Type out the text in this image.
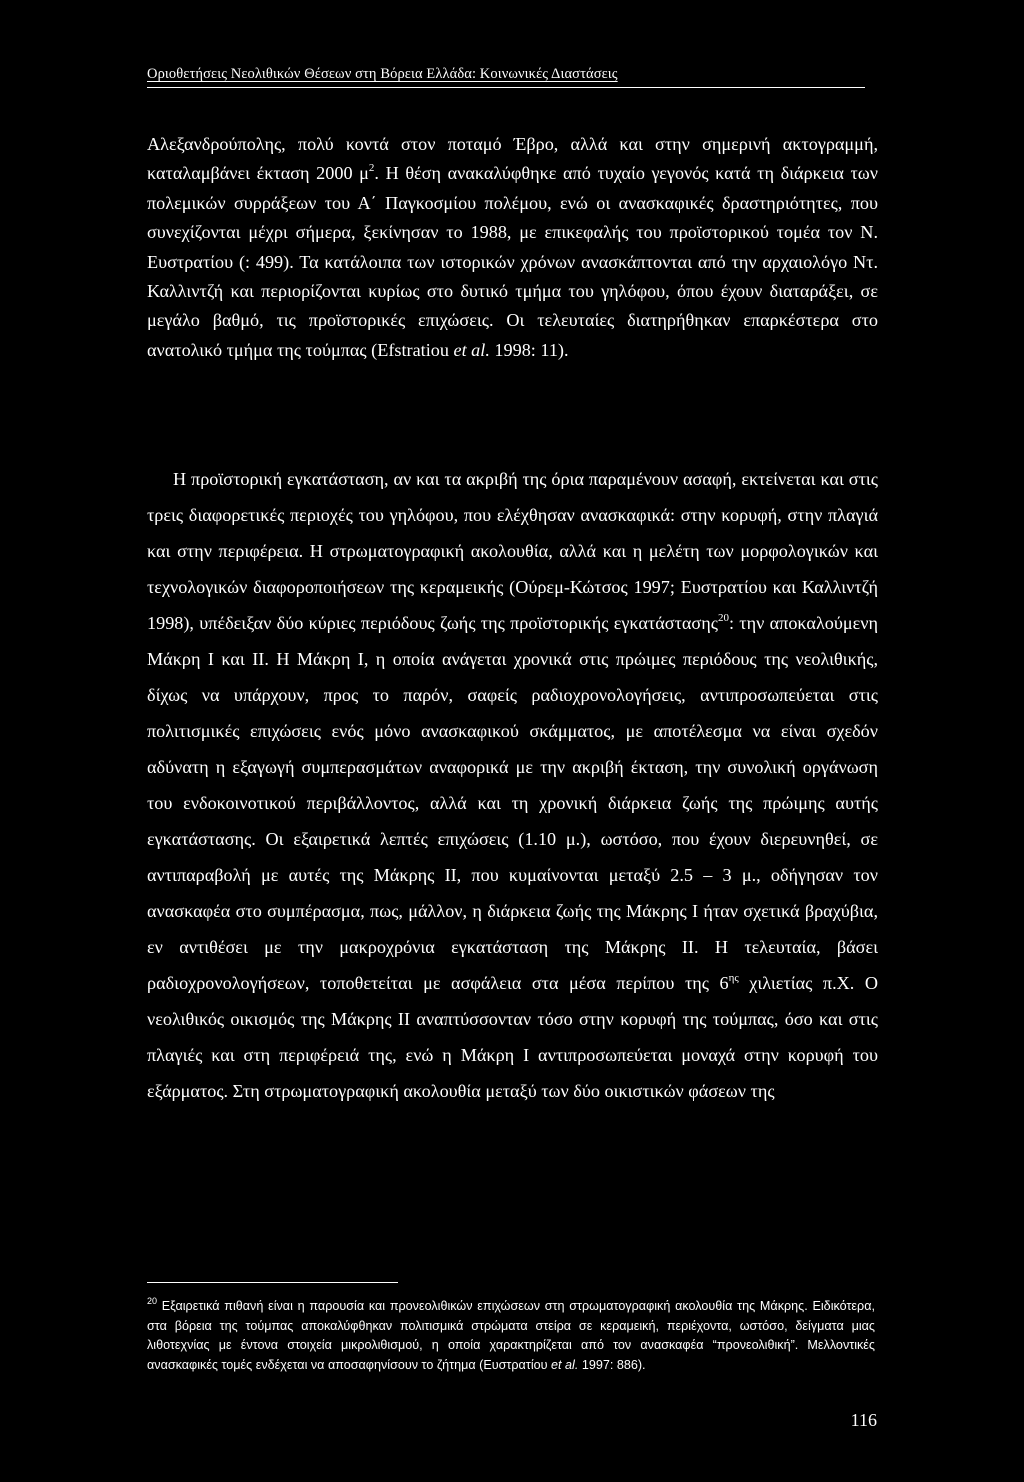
Οριοθετήσεις Νεολιθικών Θέσεων στη Βόρεια Ελλάδα: Κοινωνικές Διαστάσεις

Αλεξανδρούπολης, πολύ κοντά στον ποταμό Έβρο, αλλά και στην σημερινή ακτογραμμή, καταλαμβάνει έκταση 2000 $\mu^2$. Η θέση ανακαλύφθηκε από τυχαίο γεγονός κατά τη διάρκεια των πολεμικών συρράξεων του Α΄ Παγκοσμίου πολέμου, ενώ οι ανασκαφικές δραστηριότητες, που συνεχίζονται μέχρι σήμερα, ξεκίνησαν το 1988, με επικεφαλής του προϊστορικού τομέα τον Ν. Ευστρατίου (: 499). Τα κατάλοιπα των ιστορικών χρόνων ανασκάπτονται από την αρχαιολόγο Ντ. Καλλιντζή και περιορίζονται κυρίως στο δυτικό τμήμα του γηλόφου, όπου έχουν διαταράξει, σε μεγάλο βαθμό, τις προϊστορικές επιχώσεις. Οι τελευταίες διατηρήθηκαν επαρκέστερα στο ανατολικό τμήμα της τούμπας (Efstratiou et al. 1998: 11).

Η προϊστορική εγκατάσταση, αν και τα ακριβή της όρια παραμένουν ασαφή, εκτείνεται και στις τρεις διαφορετικές περιοχές του γηλόφου, που ελέχθησαν ανασκαφικά: στην κορυφή, στην πλαγιά και στην περιφέρεια. Η στρωματογραφική ακολουθία, αλλά και η μελέτη των μορφολογικών και τεχνολογικών διαφοροποιήσεων της κεραμεικής (Ούρεμ-Κώτσος 1997; Ευστρατίου και Καλλιντζή 1998), υπέδειξαν δύο κύριες περιόδους ζωής της προϊστορικής εγκατάστασης$^{20}$: την αποκαλούμενη Μάκρη Ι και ΙΙ. Η Μάκρη Ι, η οποία ανάγεται χρονικά στις πρώιμες περιόδους της νεολιθικής, δίχως να υπάρχουν, προς το παρόν, σαφείς ραδιοχρονολογήσεις, αντιπροσωπεύεται στις πολιτισμικές επιχώσεις ενός μόνο ανασκαφικού σκάμματος, με αποτέλεσμα να είναι σχεδόν αδύνατη η εξαγωγή συμπερασμάτων αναφορικά με την ακριβή έκταση, την συνολική οργάνωση του ενδοκοινοτικού περιβάλλοντος, αλλά και τη χρονική διάρκεια ζωής της πρώιμης αυτής εγκατάστασης. Οι εξαιρετικά λεπτές επιχώσεις (1.10 μ.), ωστόσο, που έχουν διερευνηθεί, σε αντιπαραβολή με αυτές της Μάκρης ΙΙ, που κυμαίνονται μεταξύ 2.5 – 3 μ., οδήγησαν τον ανασκαφέα στο συμπέρασμα, πως, μάλλον, η διάρκεια ζωής της Μάκρης Ι ήταν σχετικά βραχύβια, εν αντιθέσει με την μακροχρόνια εγκατάσταση της Μάκρης ΙΙ. Η τελευταία, βάσει ραδιοχρονολογήσεων, τοποθετείται με ασφάλεια στα μέσα περίπου της $6^{\eta\varsigma}$ χιλιετίας π.Χ. Ο νεολιθικός οικισμός της Μάκρης ΙΙ αναπτύσσονταν τόσο στην κορυφή της τούμπας, όσο και στις πλαγιές και στη περιφέρειά της, ενώ η Μάκρη Ι αντιπροσωπεύεται μοναχά στην κορυφή του εξάρματος. Στη στρωματογραφική ακολουθία μεταξύ των δύο οικιστικών φάσεων της

$^{20}$ Εξαιρετικά πιθανή είναι η παρουσία και προνεολιθικών επιχώσεων στη στρωματογραφική ακολουθία της Μάκρης. Ειδικότερα, στα βόρεια της τούμπας αποκαλύφθηκαν πολιτισμικά στρώματα στείρα σε κεραμεική, περιέχοντα, ωστόσο, δείγματα μιας λιθοτεχνίας με έντονα στοιχεία μικρολιθισμού, η οποία χαρακτηρίζεται από τον ανασκαφέα “προνεολιθική”. Μελλοντικές ανασκαφικές τομές ενδέχεται να αποσαφηνίσουν το ζήτημα (Ευστρατίου et al. 1997: 886).
116
